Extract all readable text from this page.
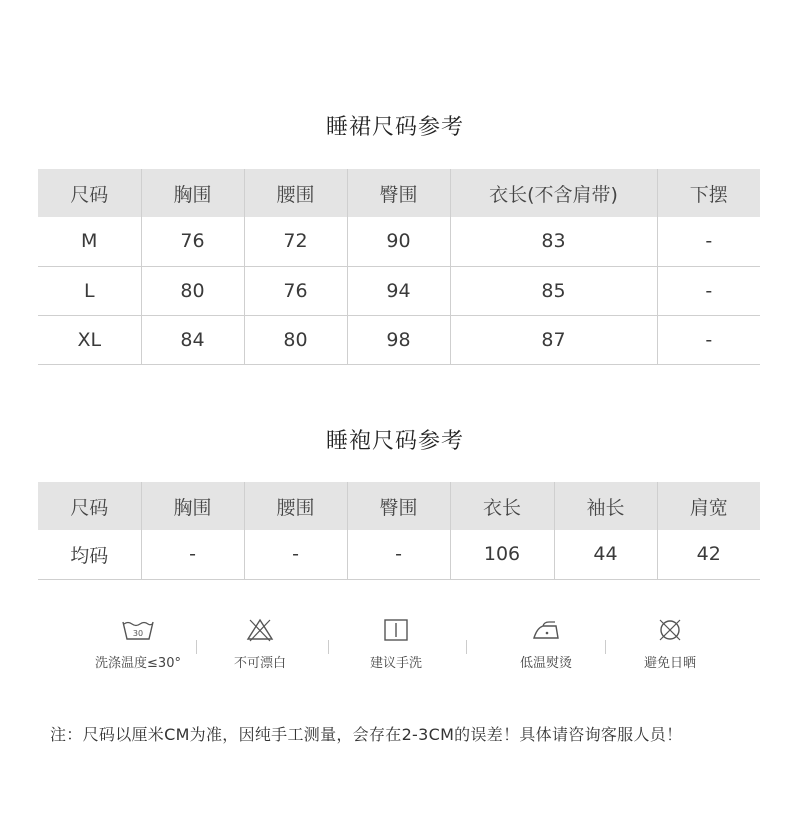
睡裙尺码参考
尺码	胸围	腰围	臀围	衣长(不含肩带)	下摆
M	76	72	90	83	-
L	80	76	94	85	-
XL	84	80	98	87	-
睡袍尺码参考
尺码	胸围	腰围	臀围	衣长	袖长	肩宽
均码	-	-	-	106	44	42
30
洗涤温度≤30°	不可漂白	建议手洗	低温熨烫	避免日晒
注：尺码以厘米CM为准，因纯手工测量，会存在2-3CM的误差！具体请咨询客服人员！
